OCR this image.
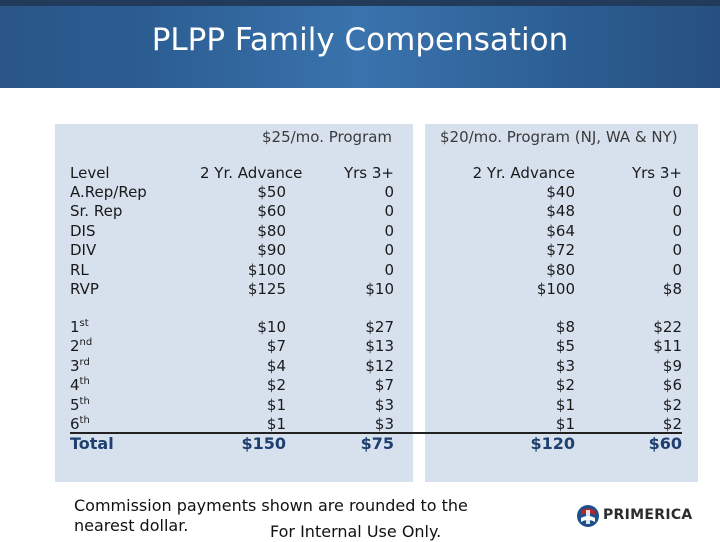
PLPP Family Compensation
$25/mo. Program	$20/mo. Program (NJ, WA & NY)
Level	2 Yr. Advance	Yrs 3+	2 Yr. Advance	Yrs 3+
A.Rep/Rep	$50	0	$40	0
Sr. Rep	$60	0	$48	0
DIS	$80	0	$64	0
DIV	$90	0	$72	0
RL	$100	0	$80	0
RVP	$125	$10	$100	$8
1st	$10	$27	$8	$22
2nd	$7	$13	$5	$11
3rd	$4	$12	$3	$9
4th	$2	$7	$2	$6
5th	$1	$3	$1	$2
6th	$1	$3	$1	$2
Total	$150	$75	$120	$60
Commission payments shown are rounded to the
nearest dollar.	For Internal Use Only.
PRIMERICA
